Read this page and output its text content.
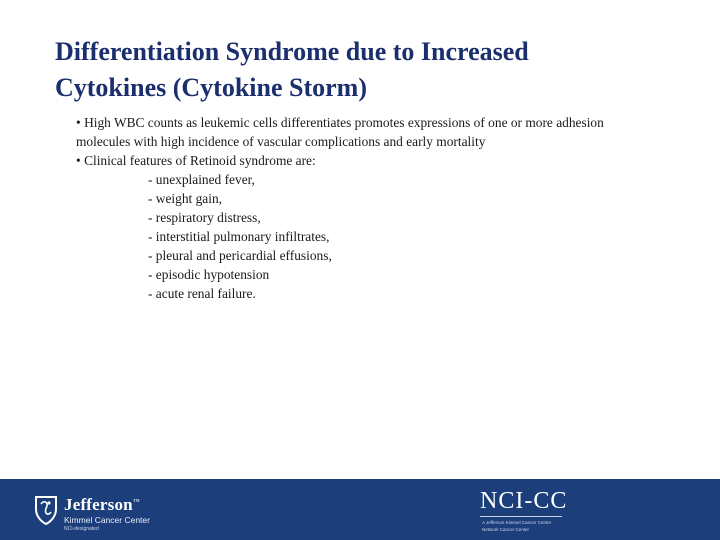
Differentiation Syndrome due to Increased
Cytokines (Cytokine Storm)

• High WBC counts as leukemic cells differentiates promotes expressions of one or more adhesion molecules with high incidence of vascular complications and early mortality

• Clinical features of Retinoid syndrome are:

- unexplained fever,
- weight gain,
- respiratory distress,
- interstitial pulmonary infiltrates,
- pleural and pericardial effusions,
- episodic hypotension
- acute renal failure.
Jefferson™
Kimmel Cancer Center
NCI-designated
NCI-CC
A Jefferson Kimmel Cancer Center
Network Cancer Center
